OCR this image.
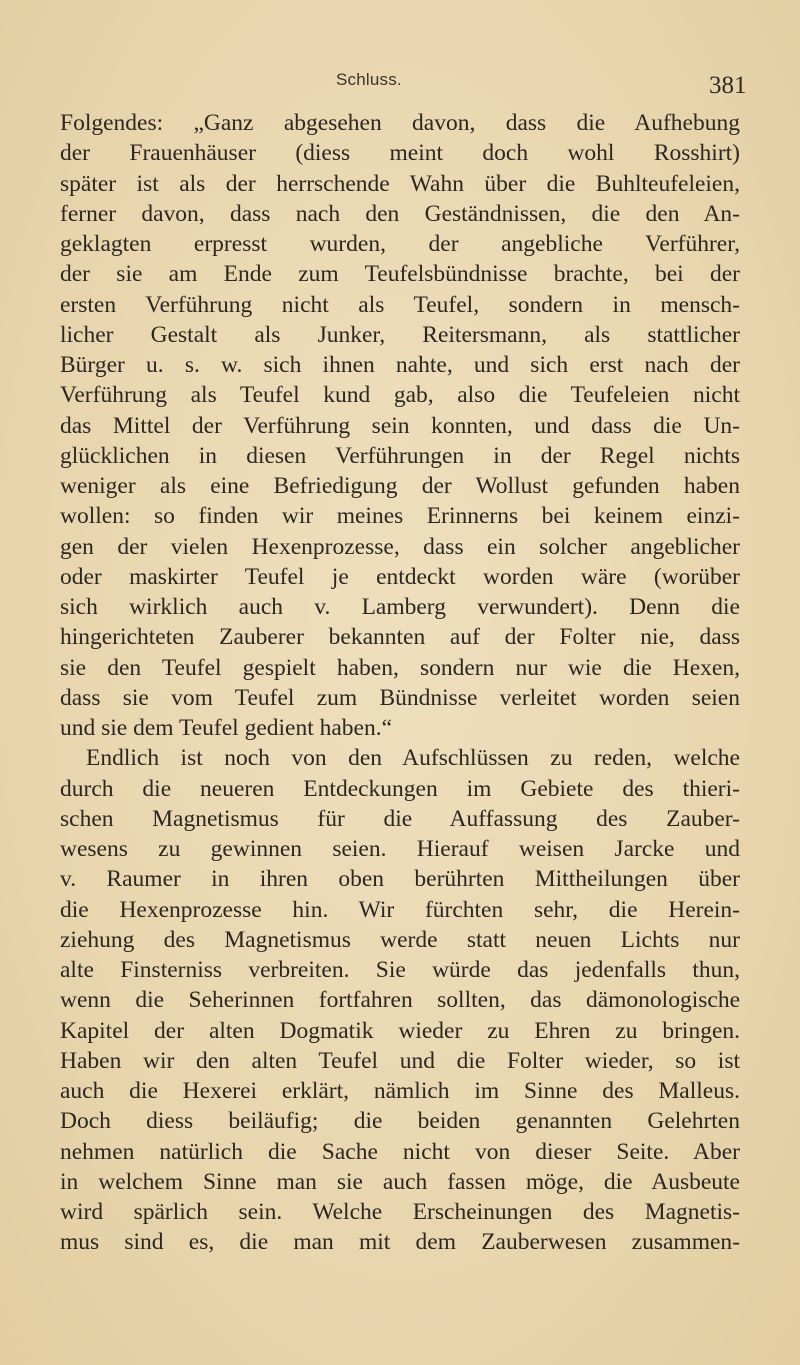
Schluss.	381
Folgendes: „Ganz abgesehen davon, dass die Aufhebung
der Frauenhäuser (diess meint doch wohl Rosshirt)
später ist als der herrschende Wahn über die Buhlteufeleien,
ferner davon, dass nach den Geständnissen, die den An-
geklagten erpresst wurden, der angebliche Verführer,
der sie am Ende zum Teufelsbündnisse brachte, bei der
ersten Verführung nicht als Teufel, sondern in mensch-
licher Gestalt als Junker, Reitersmann, als stattlicher
Bürger u. s. w. sich ihnen nahte, und sich erst nach der
Verführung als Teufel kund gab, also die Teufeleien nicht
das Mittel der Verführung sein konnten, und dass die Un-
glücklichen in diesen Verführungen in der Regel nichts
weniger als eine Befriedigung der Wollust gefunden haben
wollen: so finden wir meines Erinnerns bei keinem einzi-
gen der vielen Hexenprozesse, dass ein solcher angeblicher
oder maskirter Teufel je entdeckt worden wäre (worüber
sich wirklich auch v. Lamberg verwundert). Denn die
hingerichteten Zauberer bekannten auf der Folter nie, dass
sie den Teufel gespielt haben, sondern nur wie die Hexen,
dass sie vom Teufel zum Bündnisse verleitet worden seien
und sie dem Teufel gedient haben.“
Endlich ist noch von den Aufschlüssen zu reden, welche
durch die neueren Entdeckungen im Gebiete des thieri-
schen Magnetismus für die Auffassung des Zauber-
wesens zu gewinnen seien. Hierauf weisen Jarcke und
v. Raumer in ihren oben berührten Mittheilungen über
die Hexenprozesse hin. Wir fürchten sehr, die Herein-
ziehung des Magnetismus werde statt neuen Lichts nur
alte Finsterniss verbreiten. Sie würde das jedenfalls thun,
wenn die Seherinnen fortfahren sollten, das dämonologische
Kapitel der alten Dogmatik wieder zu Ehren zu bringen.
Haben wir den alten Teufel und die Folter wieder, so ist
auch die Hexerei erklärt, nämlich im Sinne des Malleus.
Doch diess beiläufig; die beiden genannten Gelehrten
nehmen natürlich die Sache nicht von dieser Seite. Aber
in welchem Sinne man sie auch fassen möge, die Ausbeute
wird spärlich sein. Welche Erscheinungen des Magnetis-
mus sind es, die man mit dem Zauberwesen zusammen-
